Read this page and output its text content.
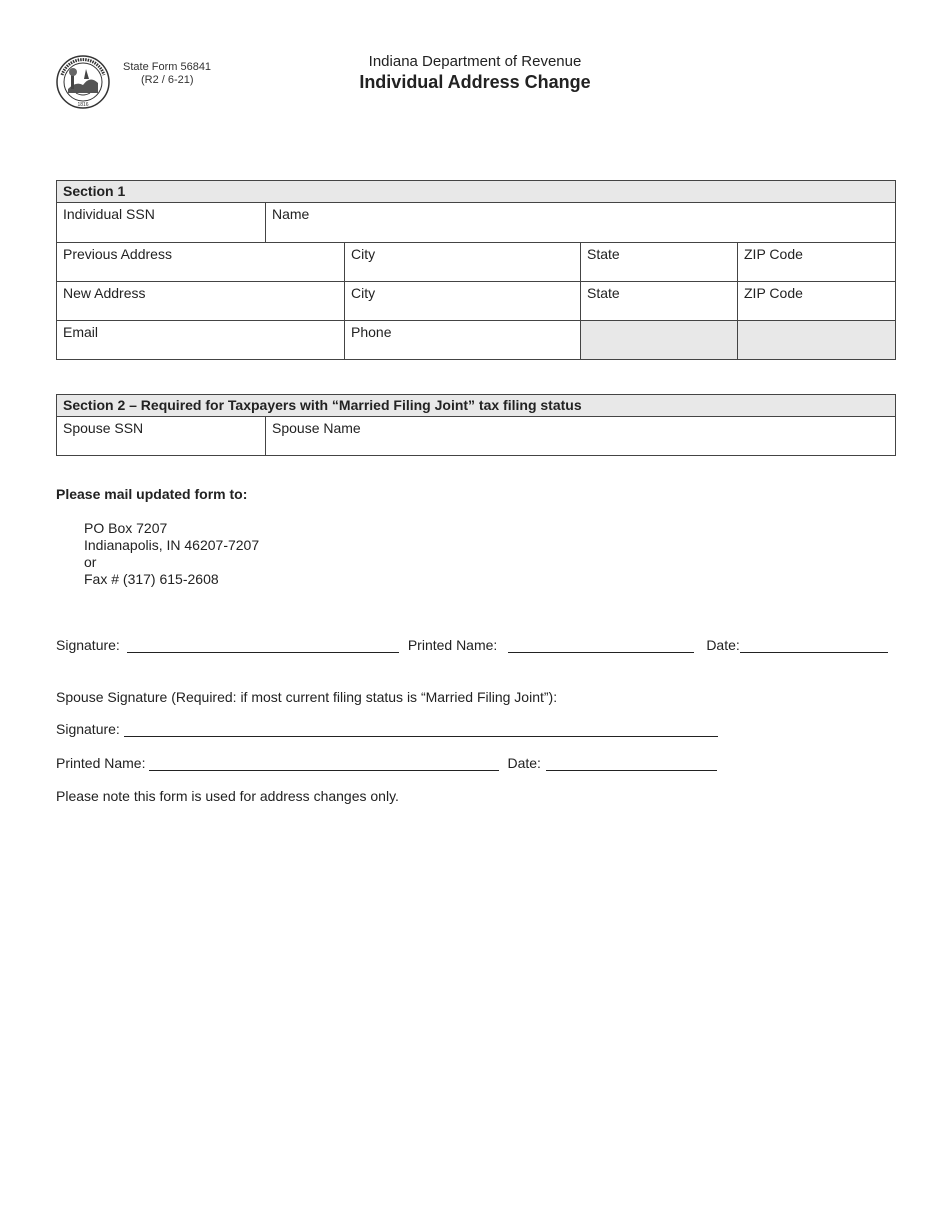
1816
State Form 56841
(R2 / 6-21)
Indiana Department of Revenue
Individual Address Change
Section 1				
Individual SSN	Name			
Previous Address		City	State	ZIP Code
New Address		City	State	ZIP Code
Email		Phone		
Section 2 – Required for Taxpayers with “Married Filing Joint” tax filing status
Spouse SSN	Spouse Name
Please mail updated form to:
PO Box 7207
Indianapolis, IN 46207-7207
or
Fax # (317) 615-2608
Signature:	Printed Name:	Date:
Spouse Signature (Required: if most current filing status is “Married Filing Joint”):
Signature:
Printed Name:	Date:
Please note this form is used for address changes only.
